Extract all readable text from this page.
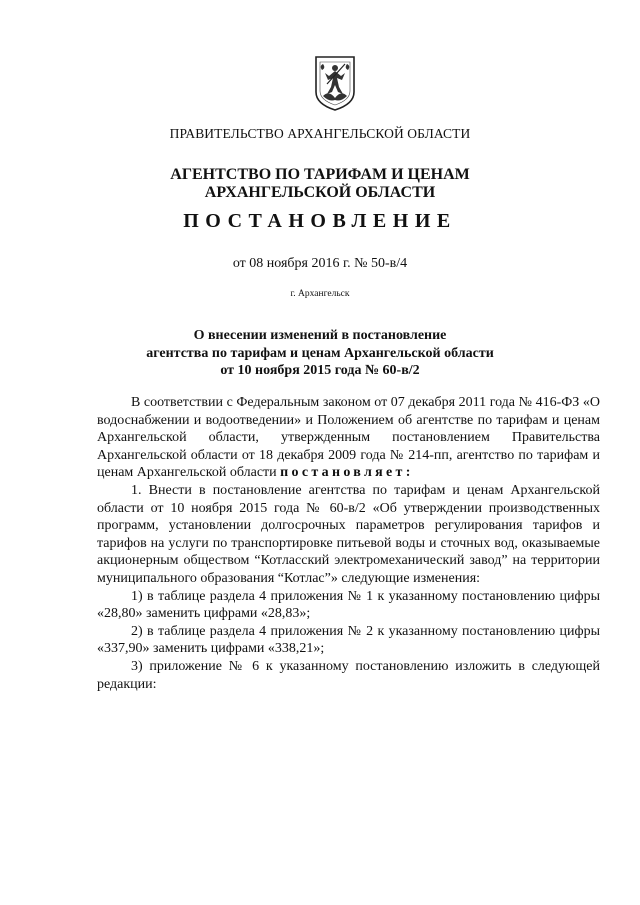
ПРАВИТЕЛЬСТВО АРХАНГЕЛЬСКОЙ ОБЛАСТИ
АГЕНТСТВО ПО ТАРИФАМ И ЦЕНАМ
АРХАНГЕЛЬСКОЙ ОБЛАСТИ
ПОСТАНОВЛЕНИЕ
от 08 ноября 2016 г. № 50-в/4
г. Архангельск
О внесении изменений в постановление
агентства по тарифам и ценам Архангельской области
от 10 ноября 2015 года № 60-в/2

В соответствии с Федеральным законом от 07 декабря 2011 года № 416-ФЗ «О водоснабжении и водоотведении» и Положением об агентстве по тарифам и ценам Архангельской области, утвержденным постановлением Правительства Архангельской области от 18 декабря 2009 года № 214-пп, агентство по тарифам и ценам Архангельской области постановляет:

1. Внести в постановление агентства по тарифам и ценам Архангельской области от 10 ноября 2015 года № 60-в/2 «Об утверждении производственных программ, установлении долгосрочных параметров регулирования тарифов и тарифов на услуги по транспортировке питьевой воды и сточных вод, оказываемые акционерным обществом “Котласский электромеханический завод” на территории муниципального образования “Котлас”» следующие изменения:

1) в таблице раздела 4 приложения № 1 к указанному постановлению цифры «28,80» заменить цифрами «28,83»;

2) в таблице раздела 4 приложения № 2 к указанному постановлению цифры «337,90» заменить цифрами «338,21»;

3) приложение № 6 к указанному постановлению изложить в следующей редакции:
